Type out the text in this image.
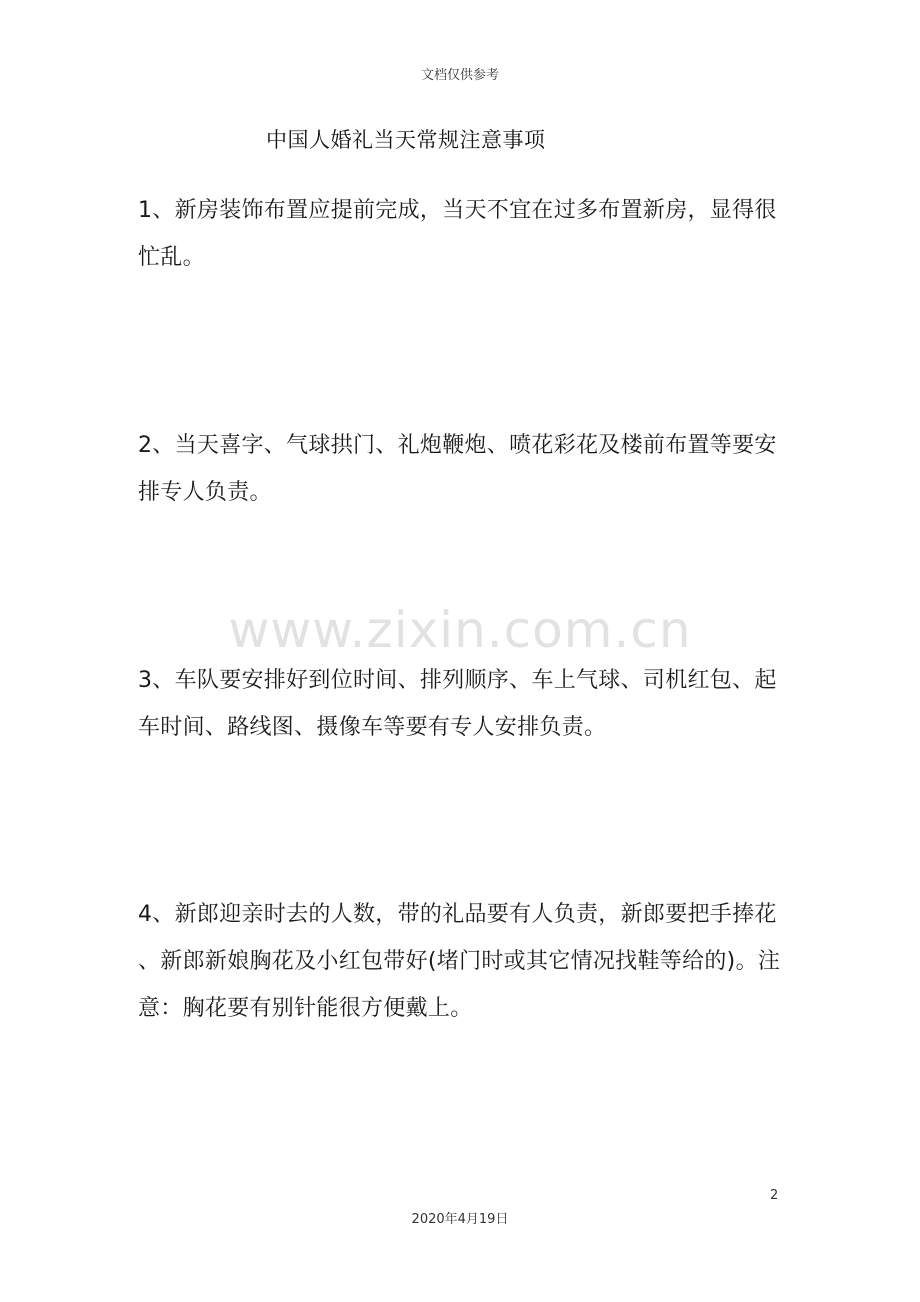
文档仅供参考
中国人婚礼当天常规注意事项
1、新房装饰布置应提前完成，当天不宜在过多布置新房，显得很
忙乱。
2、当天喜字、气球拱门、礼炮鞭炮、喷花彩花及楼前布置等要安
排专人负责。
www.zixin.com.cn
3、车队要安排好到位时间、排列顺序、车上气球、司机红包、起
车时间、路线图、摄像车等要有专人安排负责。
4、新郎迎亲时去的人数，带的礼品要有人负责，新郎要把手捧花
、新郎新娘胸花及小红包带好(堵门时或其它情况找鞋等给的)。注
意：胸花要有别针能很方便戴上。
2
2020年4月19日
